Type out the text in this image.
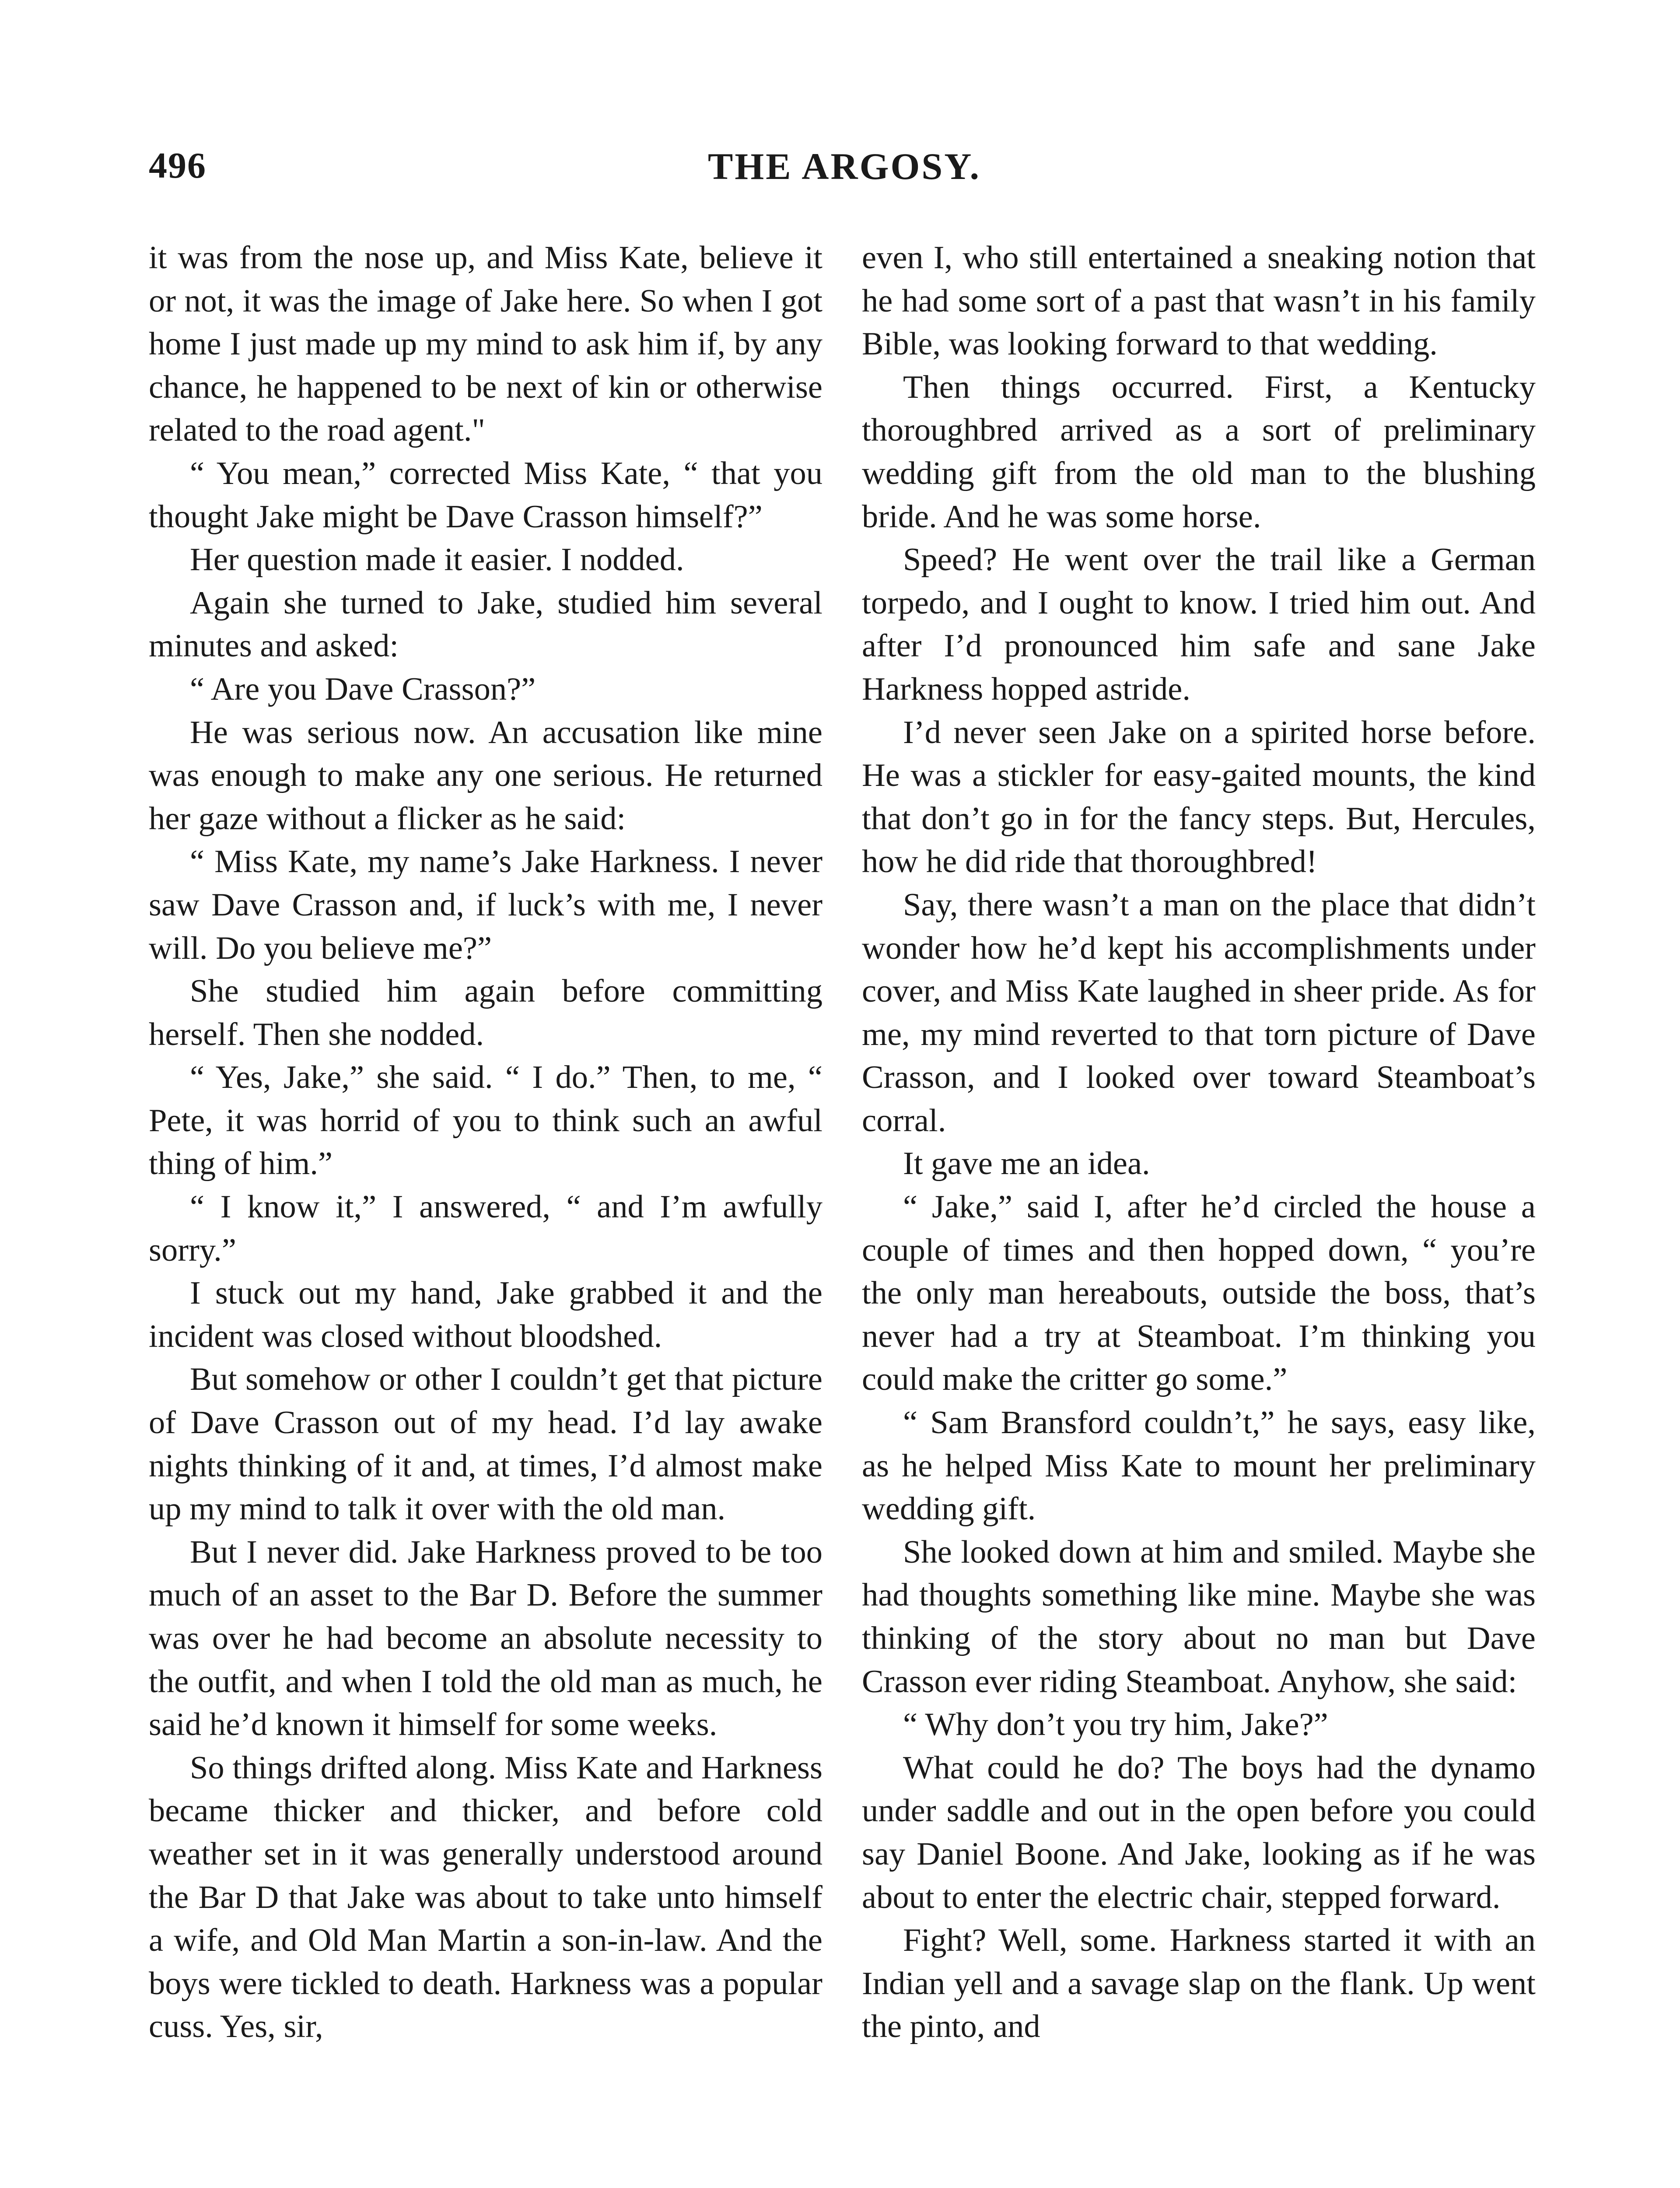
496	THE ARGOSY.

it was from the nose up, and Miss Kate, believe it or not, it was the image of Jake here. So when I got home I just made up my mind to ask him if, by any chance, he happened to be next of kin or otherwise related to the road agent."

“ You mean,” corrected Miss Kate, “ that you thought Jake might be Dave Crasson himself?”

Her question made it easier. I nodded.

Again she turned to Jake, studied him several minutes and asked:

“ Are you Dave Crasson?”

He was serious now. An accusation like mine was enough to make any one serious. He returned her gaze without a flicker as he said:

“ Miss Kate, my name’s Jake Harkness. I never saw Dave Crasson and, if luck’s with me, I never will. Do you believe me?”

She studied him again before committing herself. Then she nodded.

“ Yes, Jake,” she said. “ I do.” Then, to me, “ Pete, it was horrid of you to think such an awful thing of him.”

“ I know it,” I answered, “ and I’m awfully sorry.”

I stuck out my hand, Jake grabbed it and the incident was closed without bloodshed.

But somehow or other I couldn’t get that picture of Dave Crasson out of my head. I’d lay awake nights thinking of it and, at times, I’d almost make up my mind to talk it over with the old man.

But I never did. Jake Harkness proved to be too much of an asset to the Bar D. Before the summer was over he had become an absolute necessity to the outfit, and when I told the old man as much, he said he’d known it himself for some weeks.

So things drifted along. Miss Kate and Harkness became thicker and thicker, and before cold weather set in it was generally understood around the Bar D that Jake was about to take unto himself a wife, and Old Man Martin a son-in-law. And the boys were tickled to death. Harkness was a popular cuss. Yes, sir,

even I, who still entertained a sneaking notion that he had some sort of a past that wasn’t in his family Bible, was looking forward to that wedding.

Then things occurred. First, a Kentucky thoroughbred arrived as a sort of preliminary wedding gift from the old man to the blushing bride. And he was some horse.

Speed? He went over the trail like a German torpedo, and I ought to know. I tried him out. And after I’d pronounced him safe and sane Jake Harkness hopped astride.

I’d never seen Jake on a spirited horse before. He was a stickler for easy-gaited mounts, the kind that don’t go in for the fancy steps. But, Hercules, how he did ride that thoroughbred!

Say, there wasn’t a man on the place that didn’t wonder how he’d kept his accomplishments under cover, and Miss Kate laughed in sheer pride. As for me, my mind reverted to that torn picture of Dave Crasson, and I looked over toward Steamboat’s corral.

It gave me an idea.

“ Jake,” said I, after he’d circled the house a couple of times and then hopped down, “ you’re the only man hereabouts, outside the boss, that’s never had a try at Steamboat. I’m thinking you could make the critter go some.”

“ Sam Bransford couldn’t,” he says, easy like, as he helped Miss Kate to mount her preliminary wedding gift.

She looked down at him and smiled. Maybe she had thoughts something like mine. Maybe she was thinking of the story about no man but Dave Crasson ever riding Steamboat. Anyhow, she said:

“ Why don’t you try him, Jake?”

What could he do? The boys had the dynamo under saddle and out in the open before you could say Daniel Boone. And Jake, looking as if he was about to enter the electric chair, stepped forward.

Fight? Well, some. Harkness started it with an Indian yell and a savage slap on the flank. Up went the pinto, and
